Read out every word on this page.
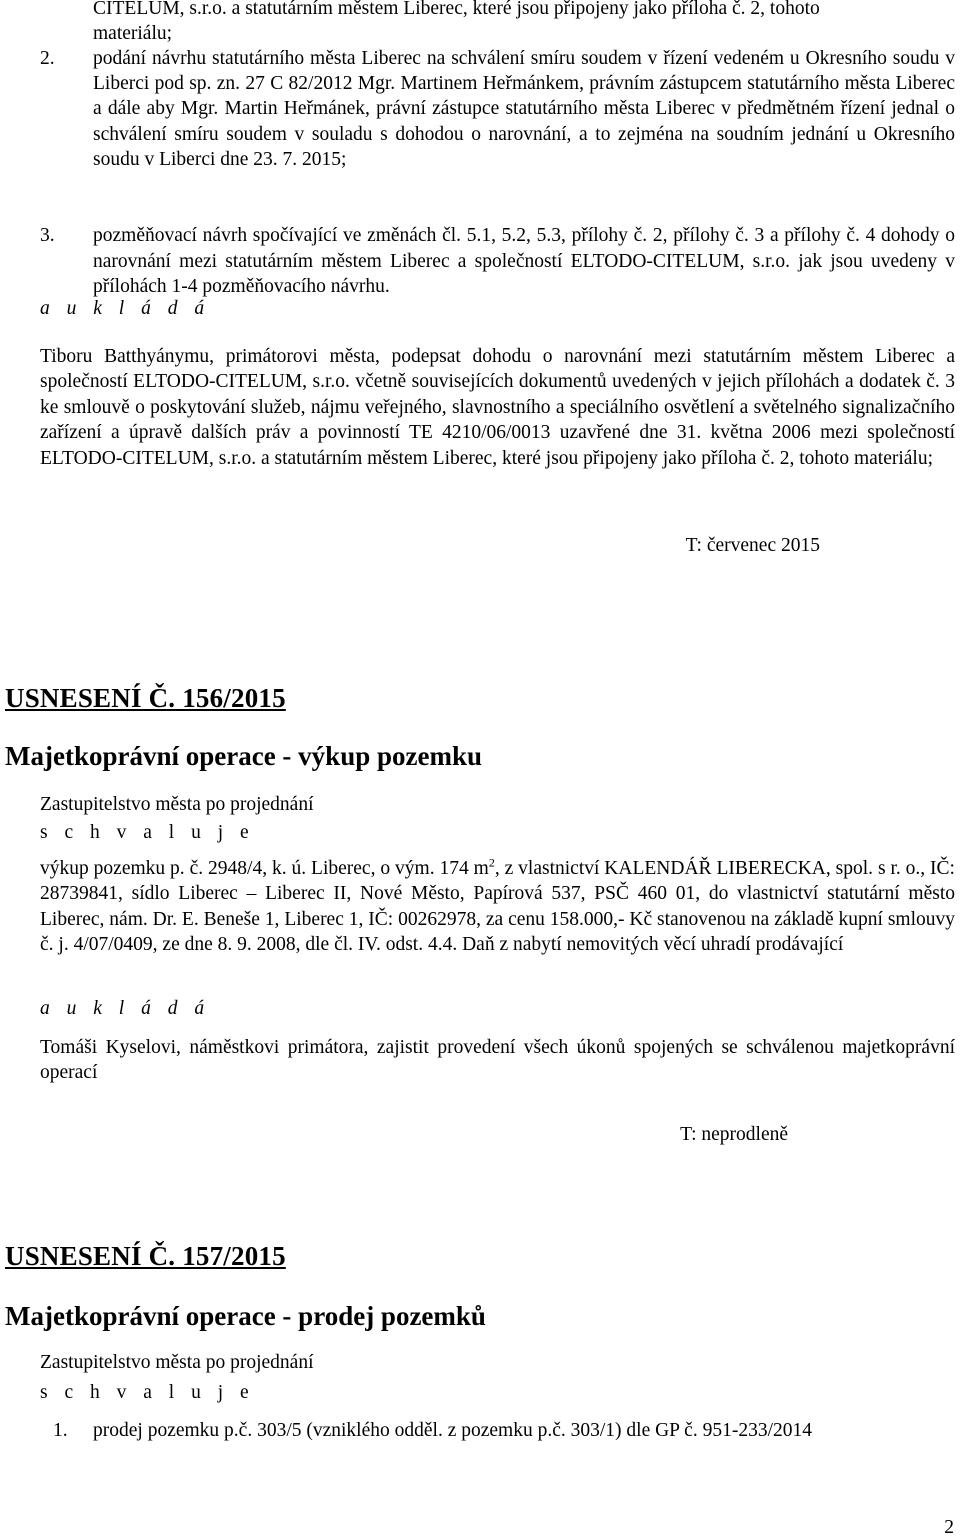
CITELUM, s.r.o. a statutárním městem Liberec, které jsou připojeny jako příloha č. 2, tohoto
materiálu;
2. podání návrhu statutárního města Liberec na schválení smíru soudem v řízení vedeném u Okresního soudu v Liberci pod sp. zn. 27 C 82/2012 Mgr. Martinem Heřmánkem, právním zástupcem statutárního města Liberec a dále aby Mgr. Martin Heřmánek, právní zástupce statutárního města Liberec v předmětném řízení jednal o schválení smíru soudem v souladu s dohodou o narovnání, a to zejména na soudním jednání u Okresního soudu v Liberci dne 23. 7. 2015;
3. pozměňovací návrh spočívající ve změnách čl. 5.1, 5.2, 5.3, přílohy č. 2, přílohy č. 3 a přílohy č. 4 dohody o narovnání mezi statutárním městem Liberec a společností ELTODO-CITELUM, s.r.o. jak jsou uvedeny v přílohách 1-4 pozměňovacího návrhu.
a u k l á d á
Tiboru Batthyánymu, primátorovi města, podepsat dohodu o narovnání mezi statutárním městem Liberec a společností ELTODO-CITELUM, s.r.o. včetně souvisejících dokumentů uvedených v jejich přílohách a dodatek č. 3 ke smlouvě o poskytování služeb, nájmu veřejného, slavnostního a speciálního osvětlení a světelného signalizačního zařízení a úpravě dalších práv a povinností TE 4210/06/0013 uzavřené dne 31. května 2006 mezi společností ELTODO-CITELUM, s.r.o. a statutárním městem Liberec, které jsou připojeny jako příloha č. 2, tohoto materiálu;
T: červenec 2015
USNESENÍ Č. 156/2015
Majetkoprávní operace - výkup pozemku
Zastupitelstvo města po projednání
s c h v a l u j e
výkup pozemku p. č. 2948/4, k. ú. Liberec, o vým. 174 $m^2$, z vlastnictví KALENDÁŘ LIBERECKA, spol. s r. o., IČ: 28739841, sídlo Liberec – Liberec II, Nové Město, Papírová 537, PSČ 460 01, do vlastnictví statutární město Liberec, nám. Dr. E. Beneše 1, Liberec 1, IČ: 00262978, za cenu 158.000,- Kč stanovenou na základě kupní smlouvy č. j. 4/07/0409, ze dne 8. 9. 2008, dle čl. IV. odst. 4.4. Daň z nabytí nemovitých věcí uhradí prodávající
a u k l á d á
Tomáši Kyselovi, náměstkovi primátora, zajistit provedení všech úkonů spojených se schválenou majetkoprávní operací
T: neprodleně
USNESENÍ Č. 157/2015
Majetkoprávní operace - prodej pozemků
Zastupitelstvo města po projednání
s c h v a l u j e
1. prodej pozemku p.č. 303/5 (vzniklého odděl. z pozemku p.č. 303/1) dle GP č. 951-233/2014
2
